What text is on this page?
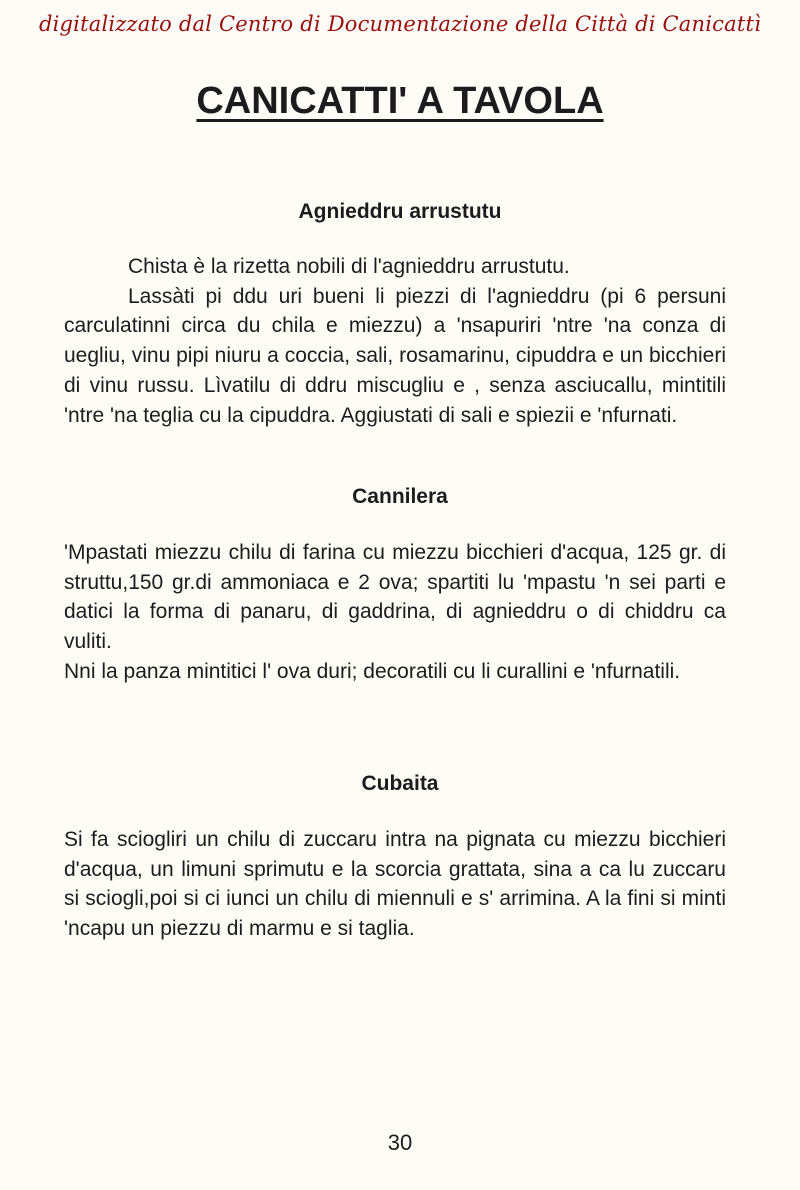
digitalizzato dal Centro di Documentazione della Città di Canicattì
CANICATTI' A TAVOLA
Agnieddru arrustutu

Chista è la rizetta nobili di l'agnieddru arrustutu.

Lassàti pi ddu uri bueni li piezzi di l'agnieddru (pi 6 persuni carculatinni circa du chila e miezzu) a 'nsapuriri 'ntre 'na conza di uegliu, vinu pipi niuru a coccia, sali, rosamarinu, cipuddra e un bicchieri di vinu russu. Lìvatilu di ddru miscugliu e , senza asciucallu, mintitili 'ntre 'na teglia cu la cipuddra. Aggiustati di sali e spiezii e 'nfurnati.

Cannilera

'Mpastati miezzu chilu di farina cu miezzu bicchieri d'acqua, 125 gr. di struttu,150 gr.di ammoniaca e 2 ova; spartiti lu 'mpastu 'n sei parti e datici la forma di panaru, di gaddrina, di agnieddru o di chiddru ca vuliti.

Nni la panza mintitici l' ova duri; decoratili cu li curallini e 'nfurnatili.

Cubaita

Si fa sciogliri un chilu di zuccaru intra na pignata cu miezzu bicchieri d'acqua, un limuni sprimutu e la scorcia grattata, sina a ca lu zuccaru si sciogli,poi si ci iunci un chilu di miennuli e s' arrimina. A la fini si minti 'ncapu un piezzu di marmu e si taglia.

30
